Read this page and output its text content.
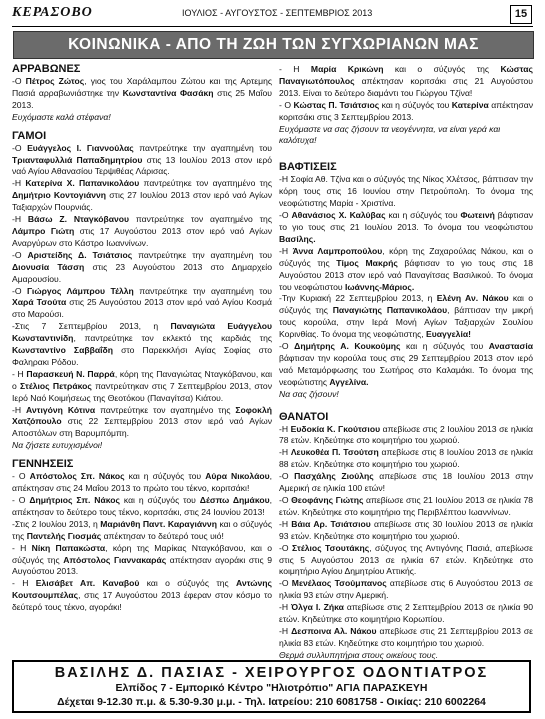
ΚΕΡΑΣΟΒΟ	ΙΟΥΛΙΟΣ - ΑΥΓΟΥΣΤΟΣ - ΣΕΠΤΕΜΒΡΙΟΣ 2013	15
ΚΟΙΝΩΝΙΚΑ - ΑΠΟ ΤΗ ΖΩΗ ΤΩΝ ΣΥΓΧΩΡΙΑΝΩΝ ΜΑΣ

ΑΡΡΑΒΩΝΕΣ

-Ο Πέτρος Ζώτος, γιος του Χαράλαμπου Ζώτου και της Αρτεμης Πασιά αρραβωνιάστηκε την Κωνσταντίνα Φασάκη στις 25 Μαΐου 2013.

Ευχόμαστε καλά στέφανα!

ΓΑΜΟΙ

-Ο Ευάγγελος Ι. Γιαννούλας παντρεύτηκε την αγαπημένη του Τριανταφυλλιά Παπαδημητρίου στις 13 Ιουλίου 2013 στον ιερό ναό Αγίου Αθανασίου Τερψιθέας Λάρισας.

-Η Κατερίνα Χ. Παπανικολάου παντρεύτηκε τον αγαπημένο της Δημήτριο Κοντογιάννη στις 27 Ιουλίου 2013 στον ιερό ναό Αγίων Ταξιαρχών Πουρνιάς.

-Η Βάσω Ζ. Νταγκόβανου παντρεύτηκε τον αγαπημένο της Λάμπρο Γιώτη στις 17 Αυγούστου 2013 στον ιερό ναό Αγίων Αναργύρων στο Κάστρο Ιωαννίνων.

-Ο Αριστείδης Δ. Τσιάτσιος παντρεύτηκε την αγαπημένη του Διονυσία Τάσση στις 23 Αυγούστου 2013 στο Δημαρχείο Αμαρουσίου.

-Ο Γιώργος Λάμπρου Τέλλη παντρεύτηκε την αγαπημένη του Χαρά Τσούτα στις 25 Αυγούστου 2013 στον ιερό ναό Αγίου Κοσμά στο Μαρούσι.

-Στις 7 Σεπτεμβρίου 2013, η Παναγιώτα Ευάγγελου Κωνσταντινίδη, παντρεύτηκε τον εκλεκτό της καρδιάς της Κωνσταντίνο Σαββαΐδη στο Παρεκκλήσι Αγίας Σοφίας στο Φαληρακι Ρόδου.

- Η Παρασκευή Ν. Παρρά, κόρη της Παναγιώτας Νταγκόβανου, και ο Στέλιος Πετράκος παντρεύτηκαν στις 7 Σεπτεμβρίου 2013, στον Ιερό Ναό Κοιμήσεως της Θεοτόκου (Παναγίτσα) Κιάτου.

-Η Αντιγόνη Κότινα παντρεύτηκε τον αγαπημένο της Σοφοκλή Χατζόπουλο στις 22 Σεπτεμβρίου 2013 στον ιερό ναό Αγίων Αποστόλων στη Βαρυμπόμπη.

Να ζήσετε ευτυχισμένοι!

ΓΕΝΝΗΣΕΙΣ

- Ο Απόστολος Σπ. Νάκος και η σύζυγός του Αύρα Νικολάου, απέκτησαν στις 24 Μαΐου 2013 το πρώτο του τέκνο, κοριτσάκι!

- Ο Δημήτριος Σπ. Νάκος και η σύζυγός του Δέσπω Δημάκου, απέκτησαν το δεύτερο τους τέκνο, κοριτσάκι, στις 24 Ιουνίου 2013!

-Στις 2 Ιουλίου 2013, η Μαριάνθη Παντ. Καραγιάννη και ο σύζυγός της Παντελής Γιοσμάς απέκτησαν το δεύτερό τους υιό!

- Η Νίκη Παπακώστα, κόρη της Μαρίκας Νταγκόβανου, και ο σύζυγός της Απόστολος Γιαννακαράς απέκτησαν αγοράκι στις 9 Αυγούστου 2013.

- Η Ελισάβετ Απ. Καναβού και ο σύζυγός της Αντώνης Κουτσουμπέλας, στις 17 Αυγούστου 2013 έφεραν στον κόσμο το δεύτερό τους τέκνο, αγοράκι!

- Η Μαρία Κρικώνη και ο σύζυγός της Κώστας Παναγιωτόπουλος απέκτησαν κοριτσάκι στις 21 Αυγούστου 2013. Είναι το δεύτερο διαμάντι του Γιώργου Τζίνα!

- Ο Κώστας Π. Τσιάτσιος και η σύζυγός του Κατερίνα απέκτησαν κοριτσάκι στις 3 Σεπτεμβρίου 2013.

Ευχόμαστε να σας ζήσουν τα νεογέννητα, να είναι γερά και καλότυχα!

ΒΑΦΤΙΣΕΙΣ

-Η Σοφία Αθ. Τζίνα και ο σύζυγός της Νίκος Χλέτσος, βάπτισαν την κόρη τους στις 16 Ιουνίου στην Πετρούπολη. Το όνομα της νεοφώτιστης Μαρία - Χριστίνα.

-Ο Αθανάσιος Χ. Καλύβας και η σύζυγός του Φωτεινή βάφτισαν το γιο τους στις 21 Ιουλίου 2013. Το όνομα του νεοφώτιστου Βασίλης.

-Η Άννα Λαμπροπούλου, κόρη της Ζαχαρούλας Νάκου, και ο σύζυγός της Τίμος Μακρής βάφτισαν το γιο τους στις 18 Αυγούστου 2013 στον ιερό ναό Παναγίτσας Βασιλικού. Το όνομα του νεοφώτιστου Ιωάννης-Μάριος.

-Την Κυριακή 22 Σεπτεμβρίου 2013, η Ελένη Αν. Νάκου και ο σύζυγός της Παναγιώτης Παπανικολάου, βάπτισαν την μικρή τους κορούλα, στην Ιερά Μονή Αγίων Ταξιαρχών Σουλίου Κορινθίας. Το όνομα της νεοφώτιστης, Ευαγγελία!

-Ο Δημήτρης Α. Κουκούμης και η σύζυγός του Αναστασία βάφτισαν την κορούλα τους στις 29 Σεπτεμβρίου 2013 στον ιερό ναό Μεταμόρφωσης του Σωτήρος στο Καλαμάκι. Το όνομα της νεοφώτιστης Αγγελίνα.

Να σας ζήσουν!

ΘΑΝΑΤΟΙ

-Η Ευδοκία Κ. Γκούτσιου απεβίωσε στις 2 Ιουλίου 2013 σε ηλικία 78 ετών. Κηδεύτηκε στο κοιμητήριο του χωριού.

-Η Λευκοθέα Π. Τσούτση απεβίωσε στις 8 Ιουλίου 2013 σε ηλικία 88 ετών. Κηδεύτηκε στο κοιμητήριο του χωριού.

-Ο Πασχάλης Ζιούλης απεβίωσε στις 18 Ιουλίου 2013 στην Αμερική σε ηλικία 100 ετών!

-Ο Θεοφάνης Γιώτης απεβίωσε στις 21 Ιουλίου 2013 σε ηλικία 78 ετών. Κηδεύτηκε στο κοιμητήριο της Περιβλέπτου Ιωαννίνων.

-Η Βάια Αρ. Τσιάτσιου απεβίωσε στις 30 Ιουλίου 2013 σε ηλικία 93 ετών. Κηδεύτηκε στο κοιμητήριο του χωριού.

-Ο Στέλιος Τσουτάκης, σύζυγος της Αντιγόνης Πασιά, απεβίωσε στις 5 Αυγούστου 2013 σε ηλικία 67 ετών. Κηδεύτηκε στο κοιμητήριο Αγίου Δημητρίου Αττικής.

-Ο Μενέλαος Τσούμπανος απεβίωσε στις 6 Αυγούστου 2013 σε ηλικία 93 ετών στην Αμερική.

-Η Όλγα Ι. Ζήκα απεβίωσε στις 2 Σεπτεμβρίου 2013 σε ηλικία 90 ετών. Κηδεύτηκε στο κοιμητήριο Κορωπίου.

-Η Δεσποινα Αλ. Νάκου απεβίωσε στις 21 Σεπτεμβρίου 2013 σε ηλικία 83 ετών. Κηδεύτηκε στο κοιμητήριο του χωριού.

Θερμά συλλυπητήρια στους οικείους τους.

ΒΑΣΙΛΗΣ Δ. ΠΑΣΙΑΣ - ΧΕΙΡΟΥΡΓΟΣ ΟΔΟΝΤΙΑΤΡΟΣ
Ελπίδος 7 - Εμπορικό Κέντρο "Ηλιοτρόπιο" ΑΓΙΑ ΠΑΡΑΣΚΕΥΗ
Δέχεται 9-12.30 π.μ. & 5.30-9.30 μ.μ. - Τηλ. Ιατρείου: 210 6081758 - Οικίας: 210 6002264
